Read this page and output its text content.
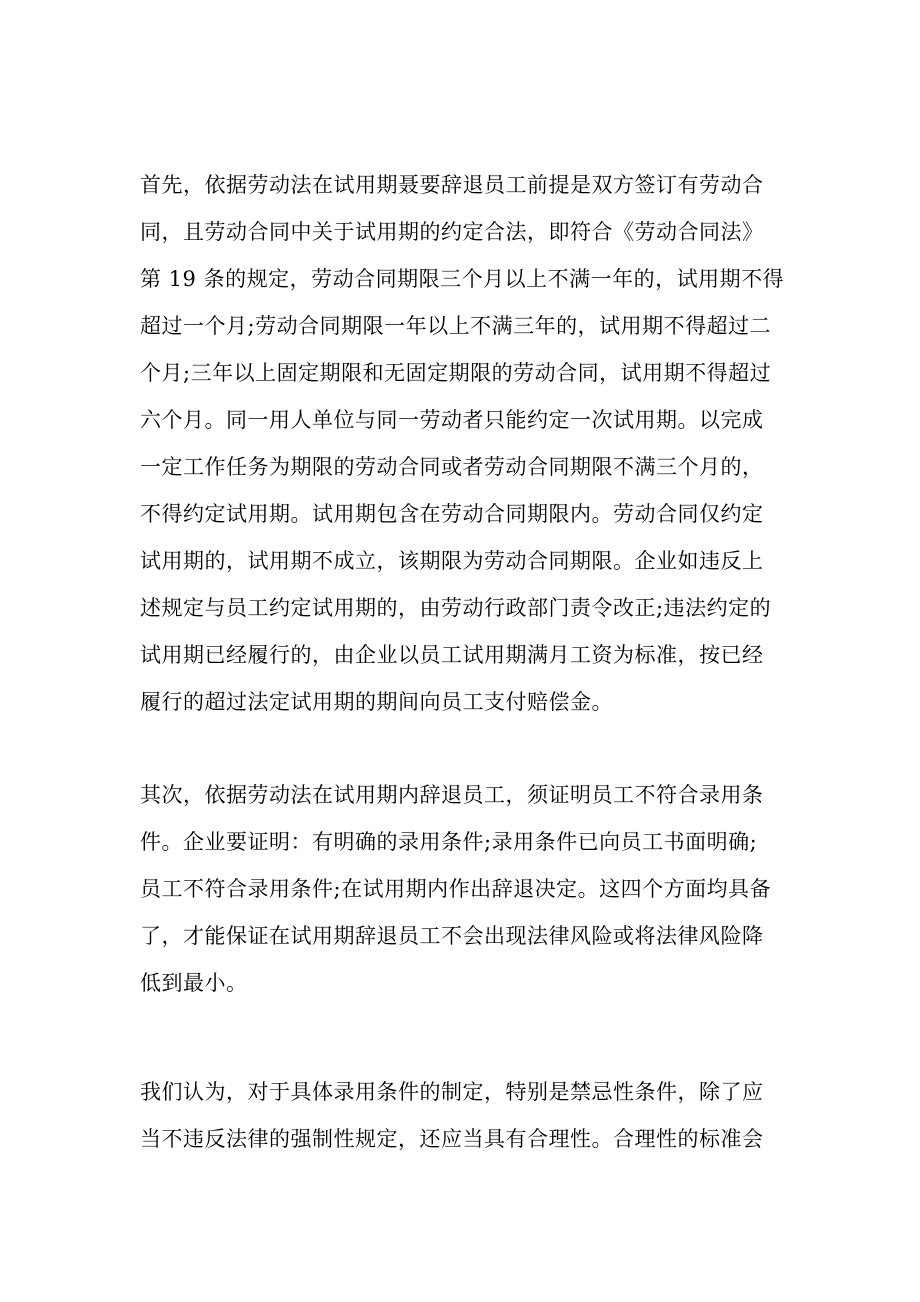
首先，依据劳动法在试用期聂要辞退员工前提是双方签订有劳动合
同，且劳动合同中关于试用期的约定合法，即符合《劳动合同法》
第 19 条的规定，劳动合同期限三个月以上不满一年的，试用期不得
超过一个月;劳动合同期限一年以上不满三年的，试用期不得超过二
个月;三年以上固定期限和无固定期限的劳动合同，试用期不得超过
六个月。同一用人单位与同一劳动者只能约定一次试用期。以完成
一定工作任务为期限的劳动合同或者劳动合同期限不满三个月的，
不得约定试用期。试用期包含在劳动合同期限内。劳动合同仅约定
试用期的，试用期不成立，该期限为劳动合同期限。企业如违反上
述规定与员工约定试用期的，由劳动行政部门责令改正;违法约定的
试用期已经履行的，由企业以员工试用期满月工资为标准，按已经
履行的超过法定试用期的期间向员工支付赔偿金。
其次，依据劳动法在试用期内辞退员工，须证明员工不符合录用条
件。企业要证明：有明确的录用条件;录用条件已向员工书面明确;
员工不符合录用条件;在试用期内作出辞退决定。这四个方面均具备
了，才能保证在试用期辞退员工不会出现法律风险或将法律风险降
低到最小。
我们认为，对于具体录用条件的制定，特别是禁忌性条件，除了应
当不违反法律的强制性规定，还应当具有合理性。合理性的标准会
